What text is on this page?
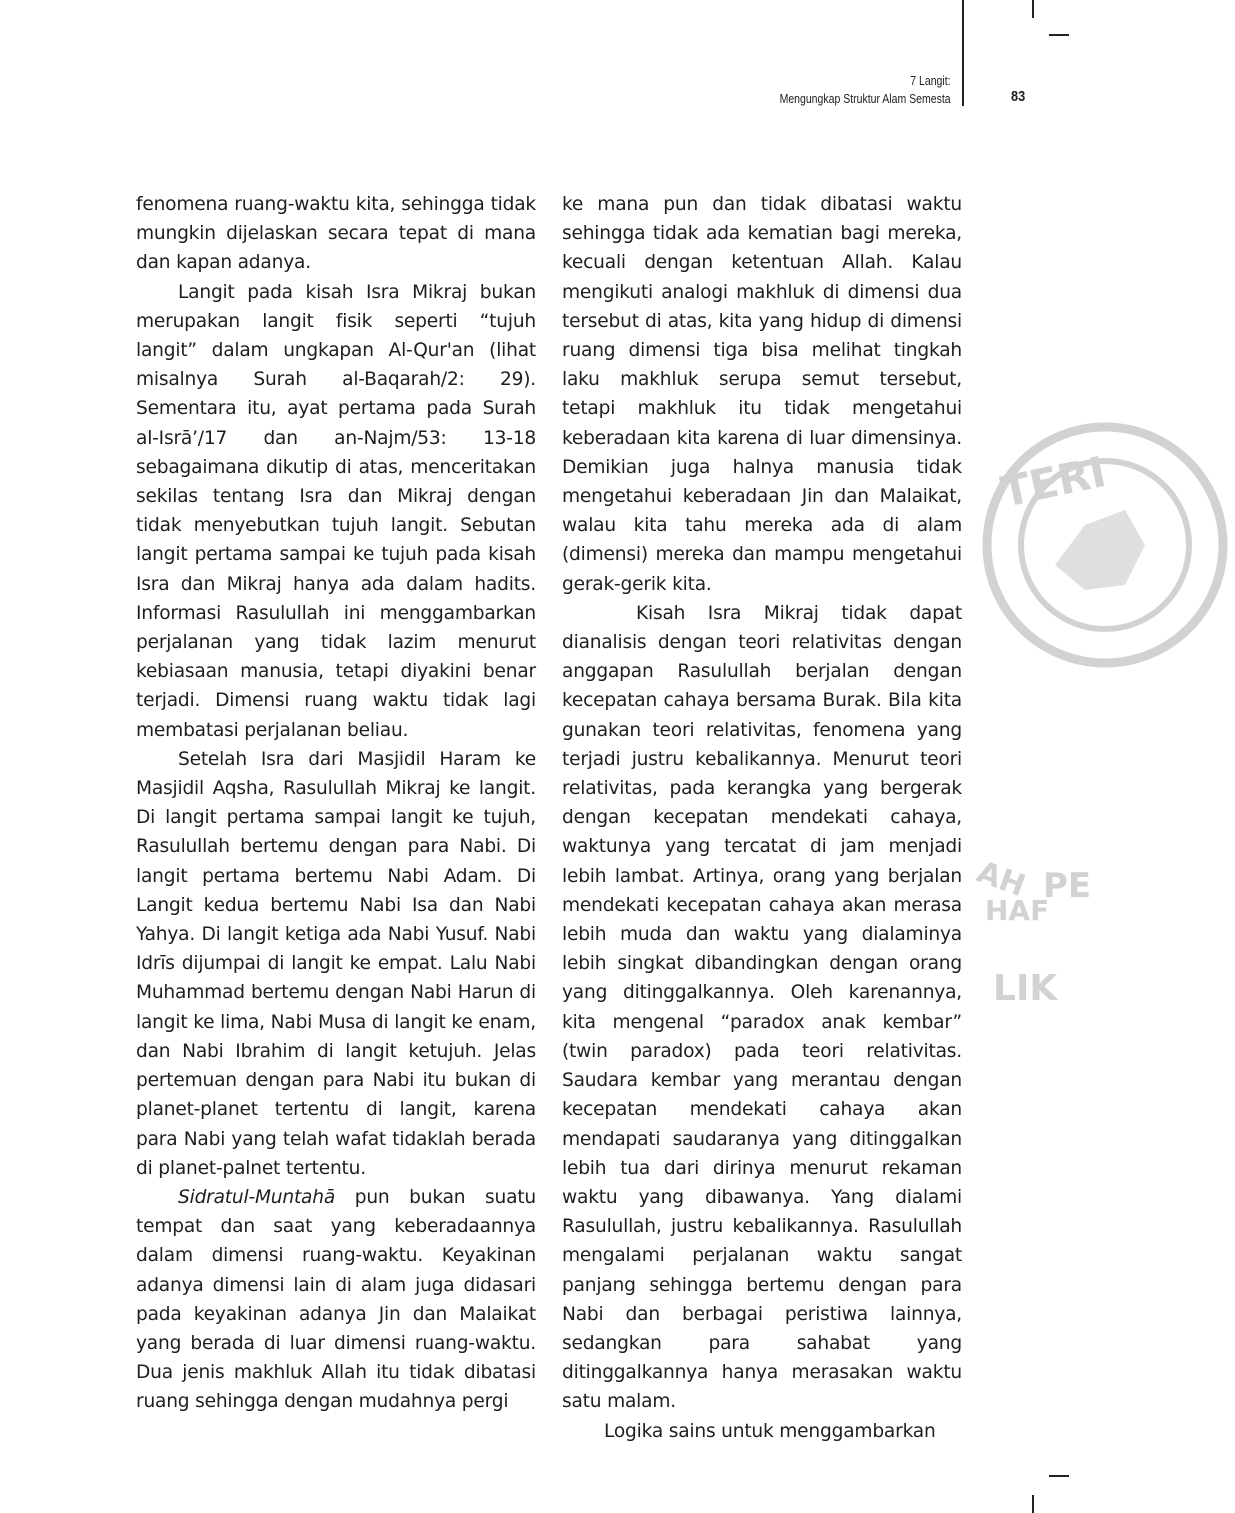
7 Langit:
Mengungkap Struktur Alam Semesta	83
TERI
AH PE
HAF
LIK

fenomena ruang-waktu kita, sehingga tidak mungkin dijelaskan secara tepat di mana dan kapan adanya.

Langit pada kisah Isra Mikraj bukan merupakan langit fisik seperti “tujuh langit” dalam ungkapan Al-Qur'an (lihat misalnya Surah al-Baqarah/2: 29). Sementara itu, ayat pertama pada Surah al-Isrā’/17 dan an-Najm/53: 13-18 sebagaimana dikutip di atas, menceritakan sekilas tentang Isra dan Mikraj dengan tidak menyebutkan tujuh langit. Sebutan langit pertama sampai ke tujuh pada kisah Isra dan Mikraj hanya ada dalam hadits. Informasi Rasulullah ini menggambarkan perjalanan yang tidak lazim menurut kebiasaan manusia, tetapi diyakini benar terjadi. Dimensi ruang waktu tidak lagi membatasi perjalanan beliau.

Setelah Isra dari Masjidil Haram ke Masjidil Aqsha, Rasulullah Mikraj ke langit. Di langit pertama sampai langit ke tujuh, Rasulullah bertemu dengan para Nabi. Di langit pertama bertemu Nabi Adam. Di Langit kedua bertemu Nabi Isa dan Nabi Yahya. Di langit ketiga ada Nabi Yusuf. Nabi Idrīs dijumpai di langit ke empat. Lalu Nabi Muhammad bertemu dengan Nabi Harun di langit ke lima, Nabi Musa di langit ke enam, dan Nabi Ibrahim di langit ketujuh. Jelas pertemuan dengan para Nabi itu bukan di planet-planet tertentu di langit, karena para Nabi yang telah wafat tidaklah berada di planet-palnet tertentu.

Sidratul-Muntahā pun bukan suatu tempat dan saat yang keberadaannya dalam dimensi ruang-waktu. Keyakinan adanya dimensi lain di alam juga didasari pada keyakinan adanya Jin dan Malaikat yang berada di luar dimensi ruang-waktu. Dua jenis makhluk Allah itu tidak dibatasi ruang sehingga dengan mudahnya pergi

ke mana pun dan tidak dibatasi waktu sehingga tidak ada kematian bagi mereka, kecuali dengan ketentuan Allah. Kalau mengikuti analogi makhluk di dimensi dua tersebut di atas, kita yang hidup di dimensi ruang dimensi tiga bisa melihat tingkah laku makhluk serupa semut tersebut, tetapi makhluk itu tidak mengetahui keberadaan kita karena di luar dimensinya. Demikian juga halnya manusia tidak mengetahui keberadaan Jin dan Malaikat, walau kita tahu mereka ada di alam (dimensi) mereka dan mampu mengetahui gerak-gerik kita.

Kisah Isra Mikraj tidak dapat dianalisis dengan teori relativitas dengan anggapan Rasulullah berjalan dengan kecepatan cahaya bersama Burak. Bila kita gunakan teori relativitas, fenomena yang terjadi justru kebalikannya. Menurut teori relativitas, pada kerangka yang bergerak dengan kecepatan mendekati cahaya, waktunya yang tercatat di jam menjadi lebih lambat. Artinya, orang yang berjalan mendekati kecepatan cahaya akan merasa lebih muda dan waktu yang dialaminya lebih singkat dibandingkan dengan orang yang ditinggalkannya. Oleh karenannya, kita mengenal “paradox anak kembar” (twin paradox) pada teori relativitas. Saudara kembar yang merantau dengan kecepatan mendekati cahaya akan mendapati saudaranya yang ditinggalkan lebih tua dari dirinya menurut rekaman waktu yang dibawanya. Yang dialami Rasulullah, justru kebalikannya. Rasulullah mengalami perjalanan waktu sangat panjang sehingga bertemu dengan para Nabi dan berbagai peristiwa lainnya, sedangkan para sahabat yang ditinggalkannya hanya merasakan waktu satu malam.

Logika sains untuk menggambarkan
